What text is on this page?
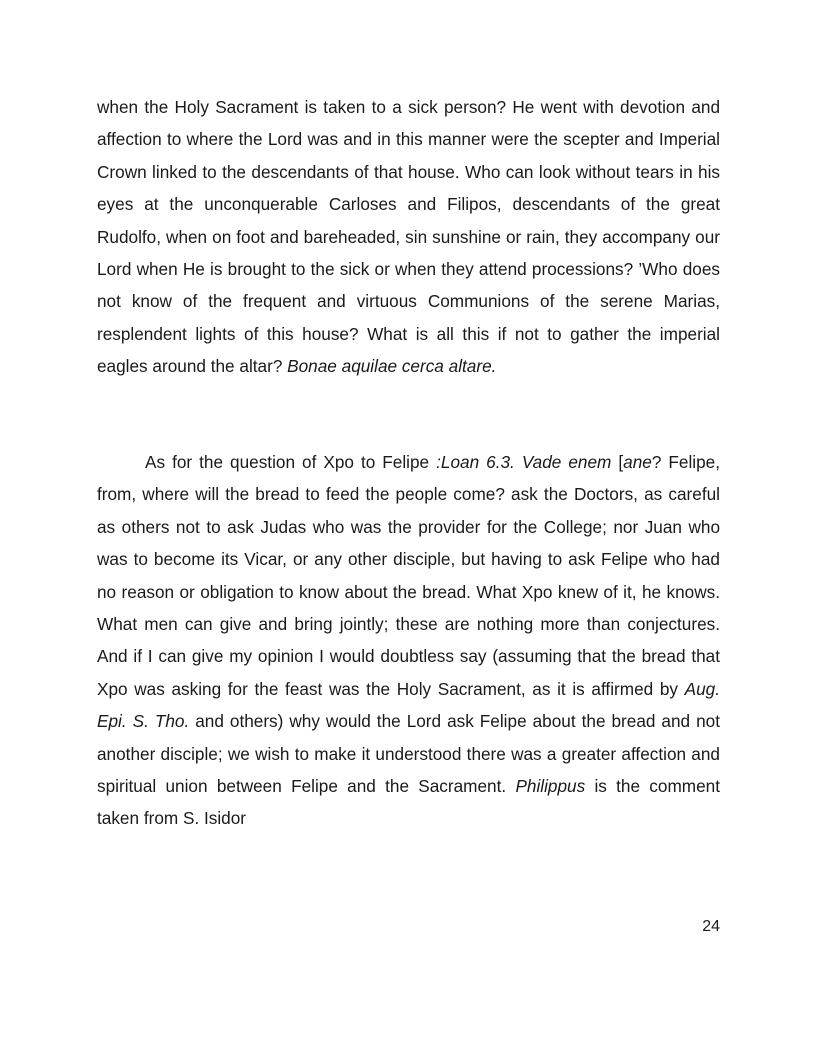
when the Holy Sacrament is taken to a sick person? He went with devotion and affection to where the Lord was and in this manner were the scepter and Imperial Crown linked to the descendants of that house. Who can look without tears in his eyes at the unconquerable Carloses and Filipos, descendants of the great Rudolfo, when on foot and bareheaded, sin sunshine or rain, they accompany our Lord when He is brought to the sick or when they attend processions? ’Who does not know of the frequent and virtuous Communions of the serene Marias, resplendent lights of this house? What is all this if not to gather the imperial eagles around the altar? Bonae aquilae cerca altare.

As for the question of Xpo to Felipe :Loan 6.3. Vade enem [ane? Felipe, from, where will the bread to feed the people come? ask the Doctors, as careful as others not to ask Judas who was the provider for the College; nor Juan who was to become its Vicar, or any other disciple, but having to ask Felipe who had no reason or obligation to know about the bread. What Xpo knew of it, he knows. What men can give and bring jointly; these are nothing more than conjectures. And if I can give my opinion I would doubtless say (assuming that the bread that Xpo was asking for the feast was the Holy Sacrament, as it is affirmed by Aug. Epi. S. Tho. and others) why would the Lord ask Felipe about the bread and not another disciple; we wish to make it understood there was a greater affection and spiritual union between Felipe and the Sacrament. Philippus is the comment taken from S. Isidor

24
